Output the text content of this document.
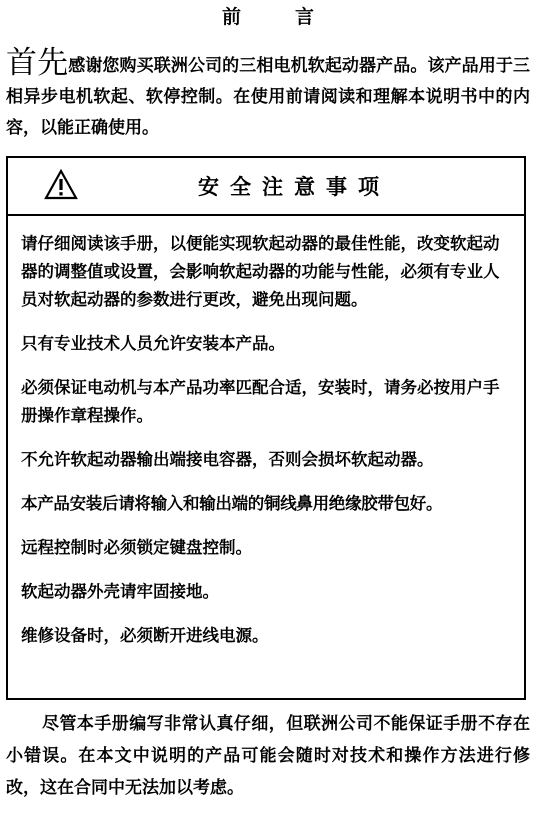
前言
首先感谢您购买联洲公司的三相电机软起动器产品。该产品用于三相异步电机软起、软停控制。在使用前请阅读和理解本说明书中的内容，以能正确使用。
安全注意事项
请仔细阅读该手册，以便能实现软起动器的最佳性能，改变软起动器的调整值或设置，会影响软起动器的功能与性能，必须有专业人员对软起动器的参数进行更改，避免出现问题。
只有专业技术人员允许安装本产品。
必须保证电动机与本产品功率匹配合适，安装时，请务必按用户手册操作章程操作。
不允许软起动器输出端接电容器，否则会损坏软起动器。
本产品安装后请将输入和输出端的铜线鼻用绝缘胶带包好。
远程控制时必须锁定键盘控制。
软起动器外壳请牢固接地。
维修设备时，必须断开进线电源。
尽管本手册编写非常认真仔细，但联洲公司不能保证手册不存在小错误。在本文中说明的产品可能会随时对技术和操作方法进行修改，这在合同中无法加以考虑。
